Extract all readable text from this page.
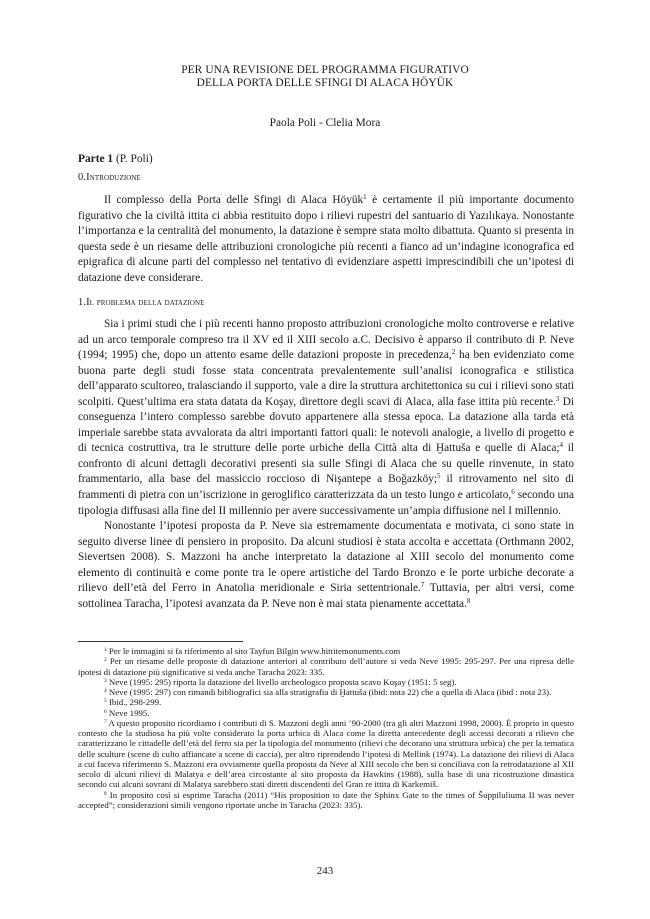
PER UNA REVISIONE DEL PROGRAMMA FIGURATIVO
DELLA PORTA DELLE SFINGI DI ALACA HÖYÜK
Paola Poli - Clelia Mora
Parte 1 (P. Poli)
0.Introduzione

Il complesso della Porta delle Sfingi di Alaca Höyük$^1$ è certamente il più importante documento figurativo che la civiltà ittita ci abbia restituito dopo i rilievi rupestri del santuario di Yazılıkaya. Nonostante l’importanza e la centralità del monumento, la datazione è sempre stata molto dibattuta. Quanto si presenta in questa sede è un riesame delle attribuzioni cronologiche più recenti a fianco ad un’indagine iconografica ed epigrafica di alcune parti del complesso nel tentativo di evidenziare aspetti imprescindibili che un’ipotesi di datazione deve considerare.

1.Il problema della datazione

Sia i primi studi che i più recenti hanno proposto attribuzioni cronologiche molto controverse e relative ad un arco temporale compreso tra il XV ed il XIII secolo a.C. Decisivo è apparso il contributo di P. Neve (1994; 1995) che, dopo un attento esame delle datazioni proposte in precedenza,$^2$ ha ben evidenziato come buona parte degli studi fosse stata concentrata prevalentemente sull’analisi iconografica e stilistica dell’apparato scultoreo, tralasciando il supporto, vale a dire la struttura architettonica su cui i rilievi sono stati scolpiti. Quest’ultima era stata datata da Koşay, direttore degli scavi di Alaca, alla fase ittita più recente.$^3$ Di conseguenza l’intero complesso sarebbe dovuto appartenere alla stessa epoca. La datazione alla tarda età imperiale sarebbe stata avvalorata da altri importanti fattori quali: le notevoli analogie, a livello di progetto e di tecnica costruttiva, tra le strutture delle porte urbiche della Città alta di Ḫattuša e quelle di Alaca;$^4$ il confronto di alcuni dettagli decorativi presenti sia sulle Sfingi di Alaca che su quelle rinvenute, in stato frammentario, alla base del massiccio roccioso di Nişantepe a Boğazköy;$^5$ il ritrovamento nel sito di frammenti di pietra con un’iscrizione in geroglifico caratterizzata da un testo lungo e articolato,$^6$ secondo una tipologia diffusasi alla fine del II millennio per avere successivamente un’ampia diffusione nel I millennio.

Nonostante l’ipotesi proposta da P. Neve sia estremamente documentata e motivata, ci sono state in seguito diverse linee di pensiero in proposito. Da alcuni studiosi è stata accolta e accettata (Orthmann 2002, Sievertsen 2008). S. Mazzoni ha anche interpretato la datazione al XIII secolo del monumento come elemento di continuità e come ponte tra le opere artistiche del Tardo Bronzo e le porte urbiche decorate a rilievo dell’età del Ferro in Anatolia meridionale e Siria settentrionale.$^7$ Tuttavia, per altri versi, come sottolinea Taracha, l’ipotesi avanzata da P. Neve non è mai stata pienamente accettata.$^8$

$^1$ Per le immagini si fa riferimento al sito Tayfun Bilgin www.hittitemonuments.com

$^2$ Per un riesame delle proposte di datazione anteriori al contributo dell’autore si veda Neve 1995: 295-297. Per una ripresa delle ipotesi di datazione più significative si veda anche Taracha 2023: 335.

$^3$ Neve (1995: 295) riporta la datazione del livello archeologico proposta scavo Koşay (1951: 5 seg).

$^4$ Neve (1995: 297) con rimandi bibliografici sia alla stratigrafia di Ḫattuša (ibid: nota 22) che a quella di Alaca (ibid : nota 23).

$^5$ Ibid., 298-299.

$^6$ Neve 1995.

$^7$ A questo proposito ricordiamo i contributi di S. Mazzoni degli anni ’90-2000 (tra gli altri Mazzoni 1998, 2000). È proprio in questo contesto che la studiosa ha più volte considerato la porta urbica di Alaca come la diretta antecedente degli accessi decorati a rilievo che caratterizzano le cittadelle dell’età del ferro sia per la tipologia del monumento (rilievi che decorano una struttura urbica) che per la tematica delle sculture (scene di culto affiancate a scene di caccia), per altro riprendendo l’ipotesi di Mellink (1974). La datazione dei rilievi di Alaca a cui faceva riferimento S. Mazzoni era ovviamente quella proposta da Neve al XIII secolo che ben si conciliava con la retrodatazione al XII secolo di alcuni rilievi di Malatya e dell’area circostante al sito proposta da Hawkins (1988), sulla base di una ricostruzione dinastica secondo cui alcuni sovrani di Malatya sarebbero stati diretti discendenti del Gran re ittita di Karkemiš.

$^8$ In proposito così si esprime Taracha (2011) “His proposition to date the Sphinx Gate to the times of Šuppiluliuma II was never accepted”; considerazioni simili vengono riportate anche in Taracha (2023: 335).

243
